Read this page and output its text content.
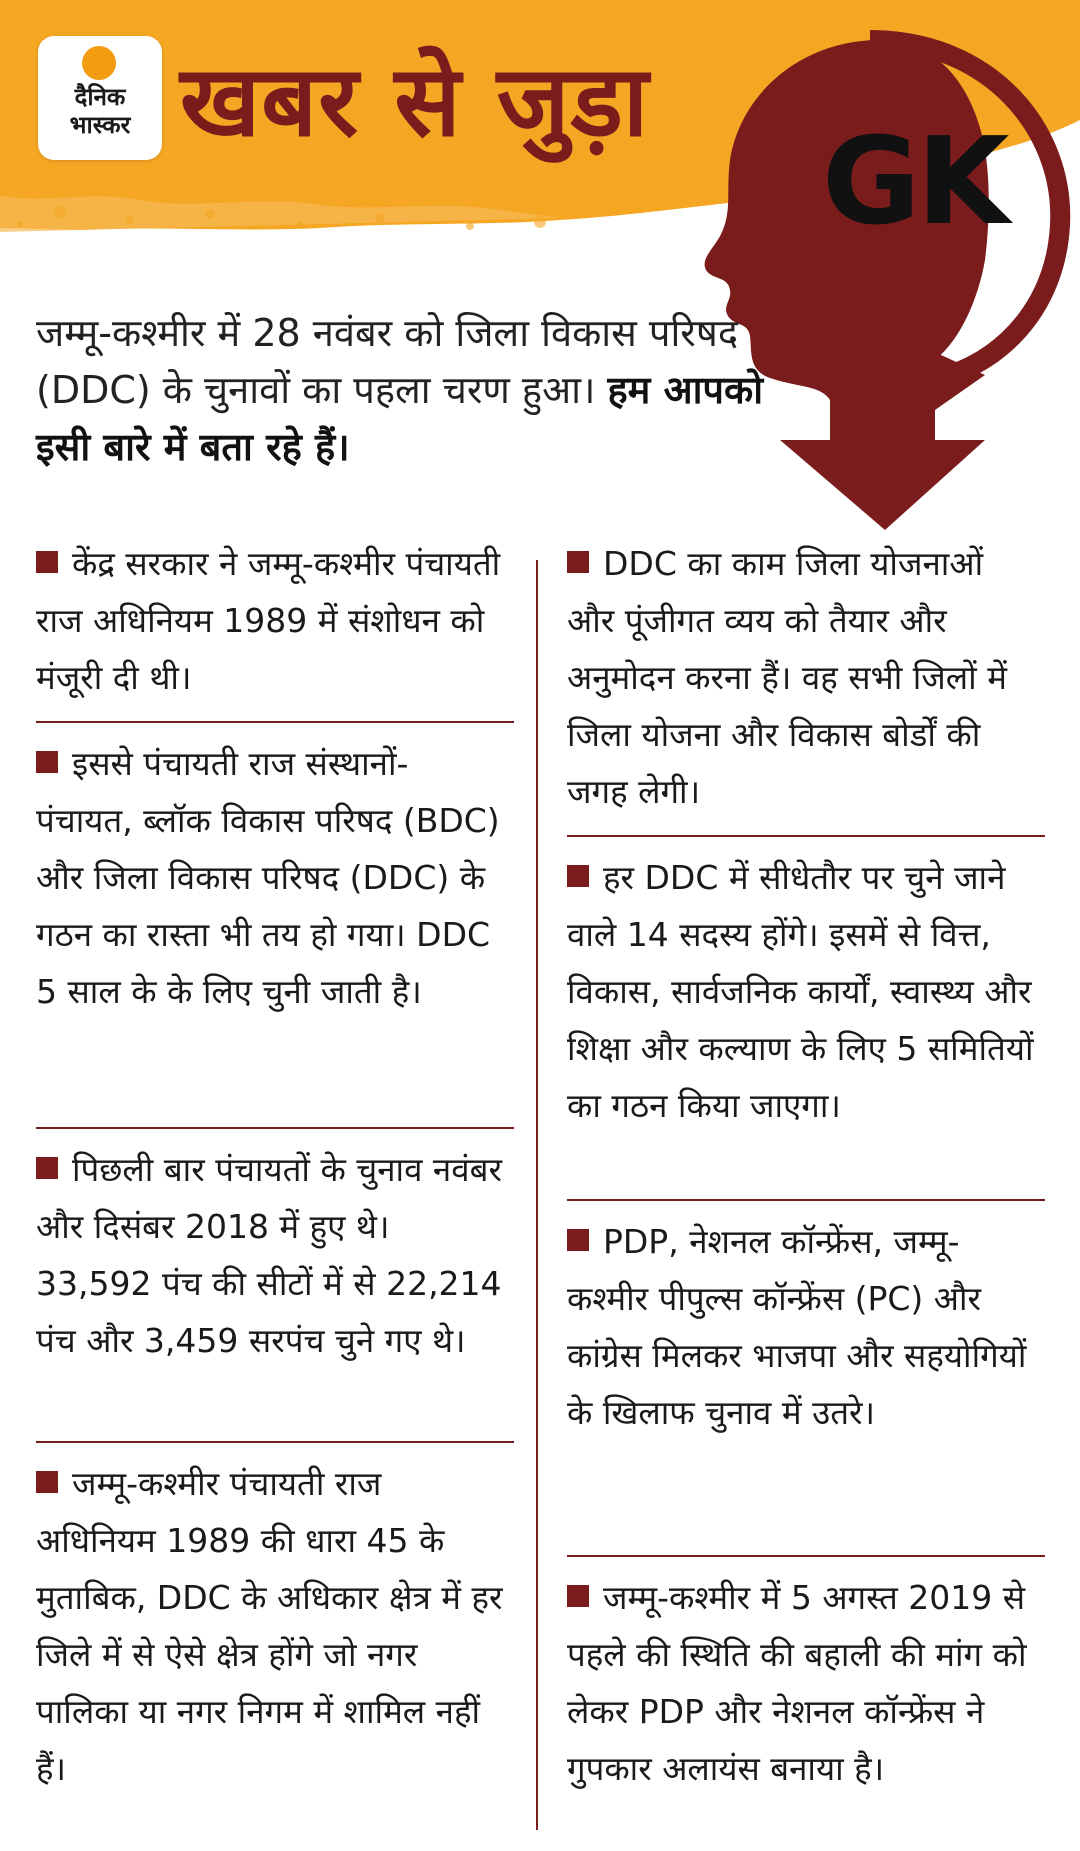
दैनिक
भास्कर खबर से जुड़ा
GK
जम्मू-कश्मीर में 28 नवंबर को जिला विकास परिषद (DDC) के चुनावों का पहला चरण हुआ। हम आपको इसी बारे में बता रहे हैं।
केंद्र सरकार ने जम्मू-कश्मीर पंचायती राज अधिनियम 1989 में संशोधन को मंजूरी दी थी।
इससे पंचायती राज संस्थानों- पंचायत, ब्लॉक विकास परिषद (BDC) और जिला विकास परिषद (DDC) के गठन का रास्ता भी तय हो गया। DDC 5 साल के के लिए चुनी जाती है।
पिछली बार पंचायतों के चुनाव नवंबर और दिसंबर 2018 में हुए थे। 33,592 पंच की सीटों में से 22,214 पंच और 3,459 सरपंच चुने गए थे।
जम्मू-कश्मीर पंचायती राज अधिनियम 1989 की धारा 45 के मुताबिक, DDC के अधिकार क्षेत्र में हर जिले में से ऐसे क्षेत्र होंगे जो नगर पालिका या नगर निगम में शामिल नहीं हैं।
DDC का काम जिला योजनाओं और पूंजीगत व्यय को तैयार और अनुमोदन करना हैं। वह सभी जिलों में जिला योजना और विकास बोर्डों की जगह लेगी।
हर DDC में सीधेतौर पर चुने जाने वाले 14 सदस्य होंगे। इसमें से वित्त, विकास, सार्वजनिक कार्यों, स्वास्थ्य और शिक्षा और कल्याण के लिए 5 समितियों का गठन किया जाएगा।
PDP, नेशनल कॉन्फ्रेंस, जम्मू-कश्मीर पीपुल्स कॉन्फ्रेंस (PC) और कांग्रेस मिलकर भाजपा और सहयोगियों के खिलाफ चुनाव में उतरे।
जम्मू-कश्मीर में 5 अगस्त 2019 से पहले की स्थिति की बहाली की मांग को लेकर PDP और नेशनल कॉन्फ्रेंस ने गुपकार अलायंस बनाया है।
